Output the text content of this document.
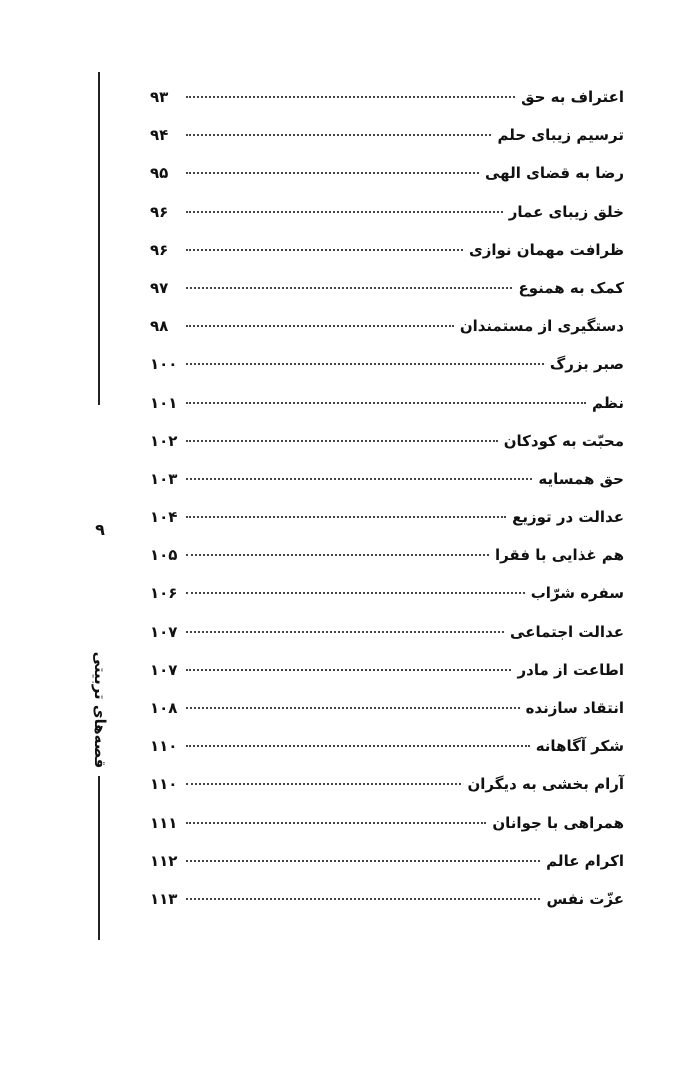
۹
قصه‌های تربیتی
اعتراف به حق
۹۳
ترسیم زیبای حلم
۹۴
رضا به قضای الهی
۹۵
خلق زیبای عمار
۹۶
ظرافت مهمان نوازی
۹۶
کمک به همنوع
۹۷
دستگیری از مستمندان
۹۸
صبر بزرگ
۱۰۰
نظم
۱۰۱
محبّت به کودکان
۱۰۲
حق همسایه
۱۰۳
عدالت در توزیع
۱۰۴
هم غذایی با فقرا
۱۰۵
سفره شرّاب
۱۰۶
عدالت اجتماعی
۱۰۷
اطاعت از مادر
۱۰۷
انتقاد سازنده
۱۰۸
شکر آگاهانه
۱۱۰
آرام بخشی به دیگران
۱۱۰
همراهی با جوانان
۱۱۱
اکرام عالم
۱۱۲
عزّت نفس
۱۱۳
